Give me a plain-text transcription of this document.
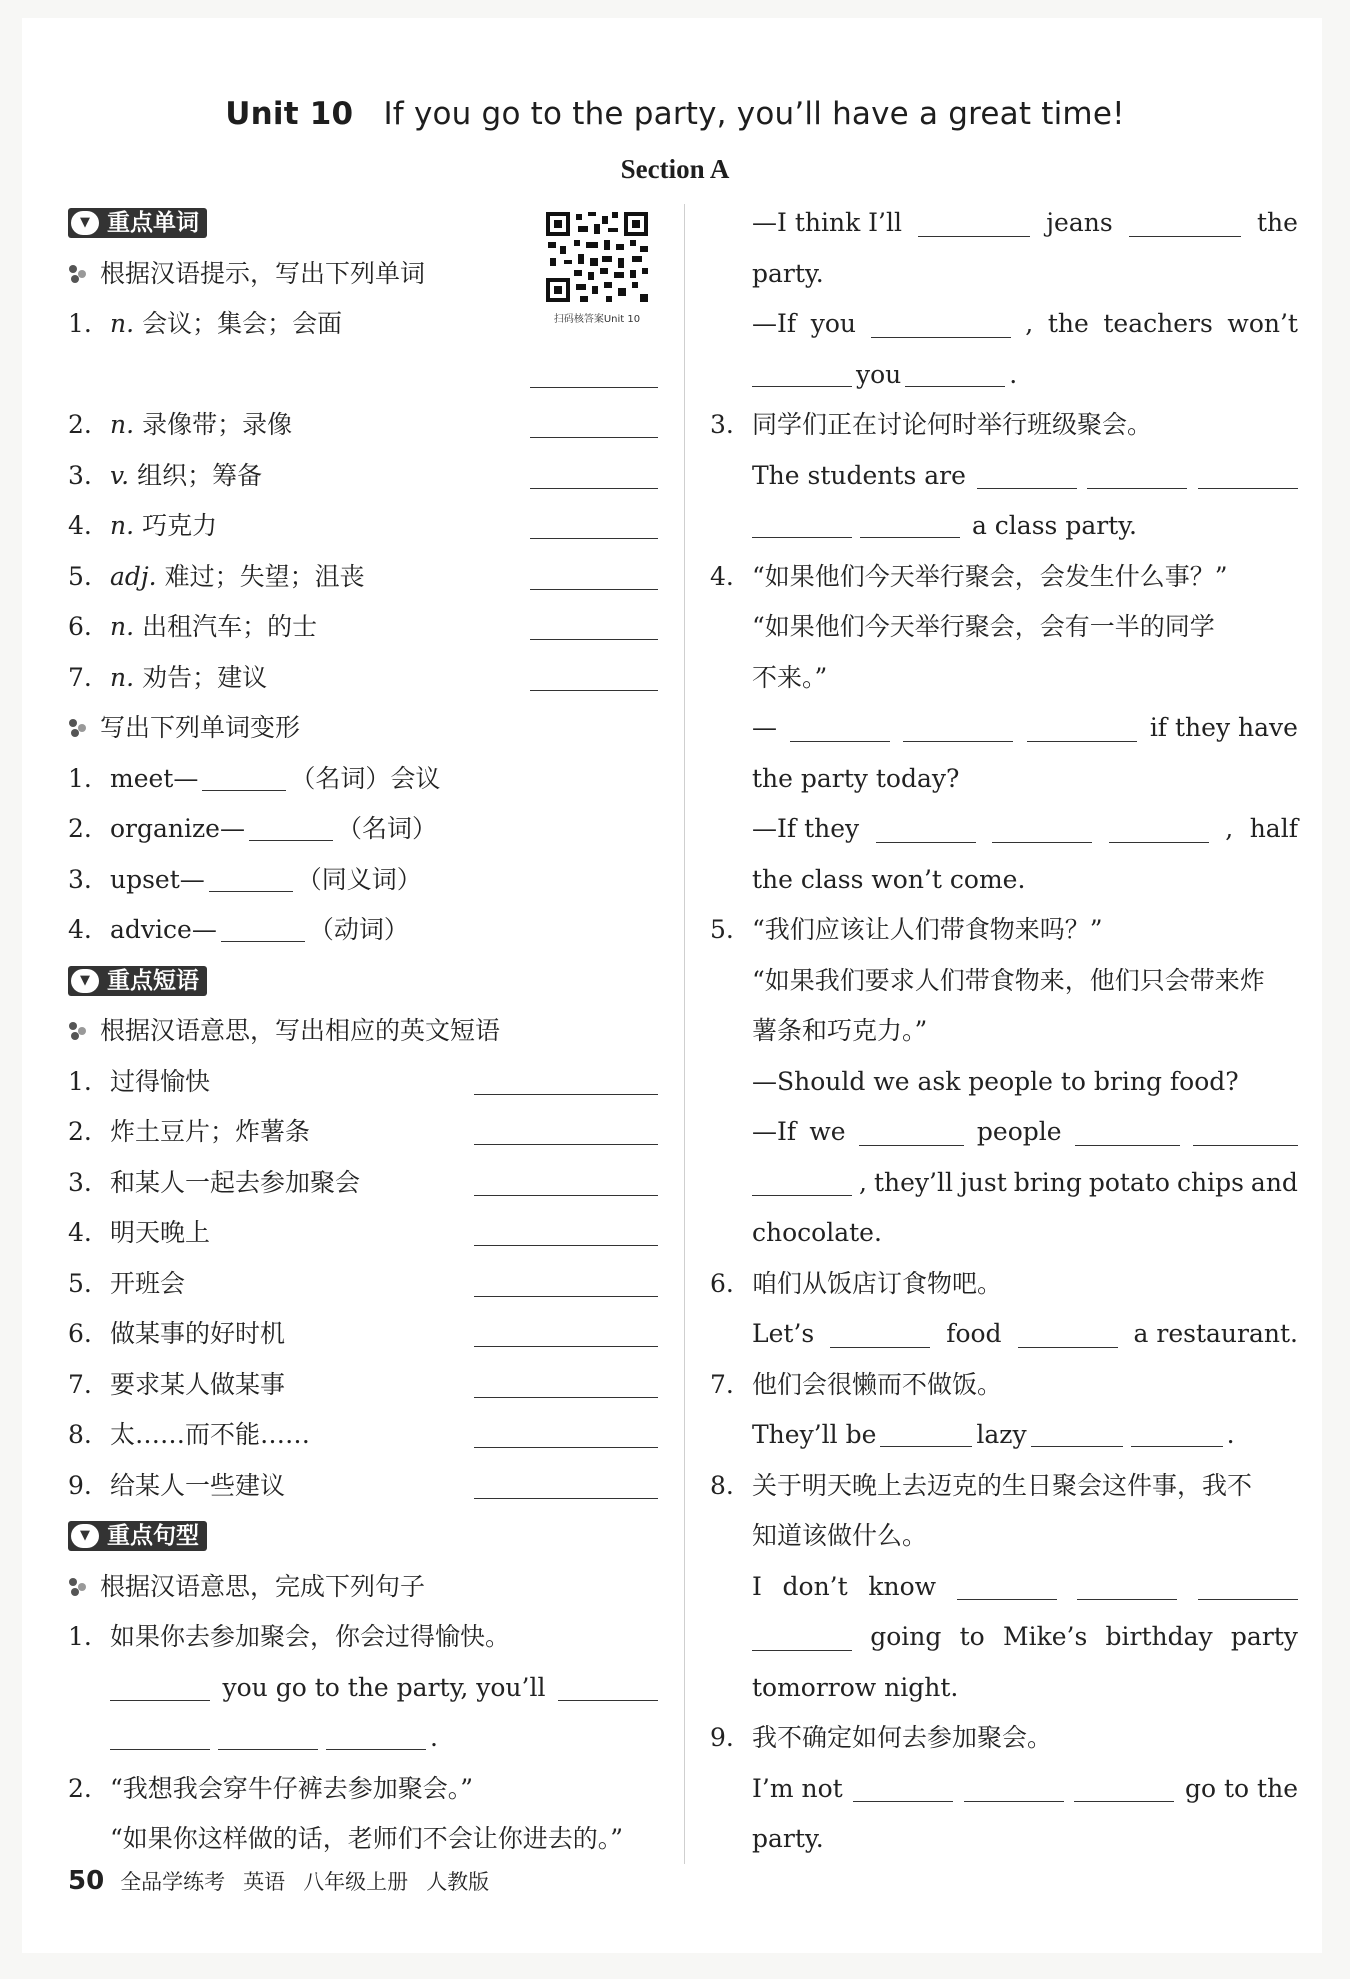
Unit 10 If you go to the party, you’ll have a great time!
Section A
扫码核答案Unit 10
▼ 重点单词
根据汉语提示，写出下列单词
1. n. 会议；集会；会面
2. n. 录像带；录像
3. v. 组织；筹备
4. n. 巧克力
5. adj. 难过；失望；沮丧
6. n. 出租汽车；的士
7. n. 劝告；建议
写出下列单词变形
1. meet—	（名词）会议
2. organize—	（名词）
3. upset—	（同义词）
4. advice—	（动词）
▼ 重点短语
根据汉语意思，写出相应的英文短语
1. 过得愉快
2. 炸土豆片；炸薯条
3. 和某人一起去参加聚会
4. 明天晚上
5. 开班会
6. 做某事的好时机
7. 要求某人做某事
8. 太……而不能……
9. 给某人一些建议
▼ 重点句型
根据汉语意思，完成下列句子
1. 如果你去参加聚会，你会过得愉快。
you go to the party, you’ll
.
2. “我想我会穿牛仔裤去参加聚会。”
“如果你这样做的话，老师们不会让你进去的。”
—I think I’ll	jeans	the
party.
—If you	, the teachers won’t
you	.
3. 同学们正在讨论何时举行班级聚会。
The students are
a class party.
4. “如果他们今天举行聚会，会发生什么事？”
“如果他们今天举行聚会，会有一半的同学
不来。”
—	if they have
the party today?
—If they	, half
the class won’t come.
5. “我们应该让人们带食物来吗？”
“如果我们要求人们带食物来，他们只会带来炸
薯条和巧克力。”
—Should we ask people to bring food?
—If we	people
, they’ll just bring potato chips and
chocolate.
6. 咱们从饭店订食物吧。
Let’s	food	a restaurant.
7. 他们会很懒而不做饭。
They’ll be	lazy	.
8. 关于明天晚上去迈克的生日聚会这件事，我不
知道该做什么。
I don’t know
going to Mike’s birthday party
tomorrow night.
9. 我不确定如何去参加聚会。
I’m not	go to the
party.
50 全品学练考 英语 八年级上册 人教版
